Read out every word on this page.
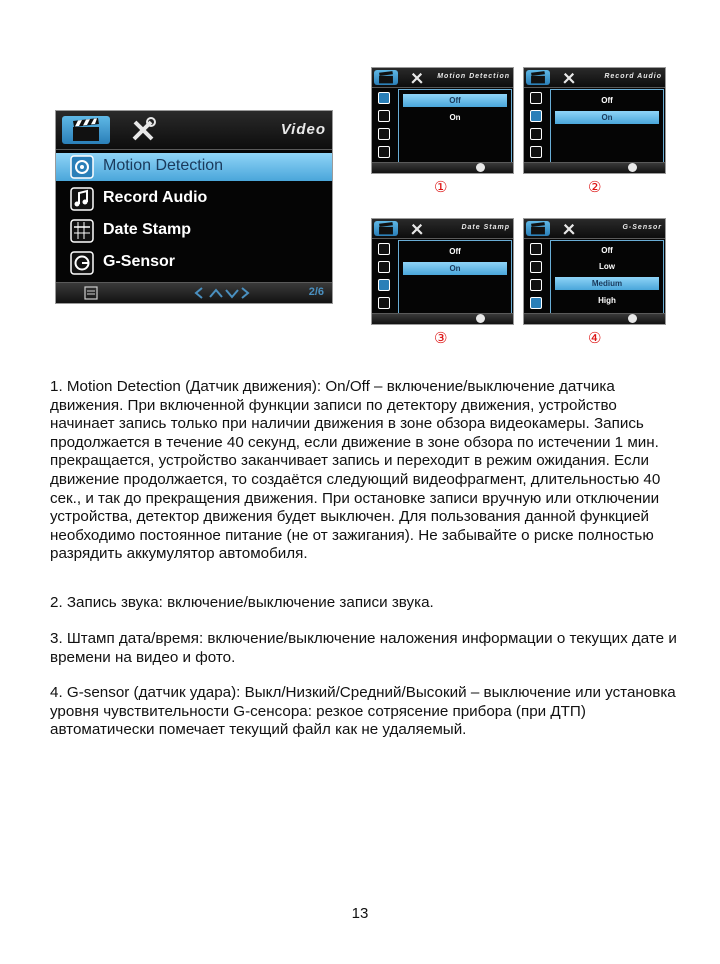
Video
Motion Detection
Record Audio
Date Stamp
G-Sensor
2/6
Motion Detection
Off
On
①
Record Audio
Off
On
②
Date Stamp
Off
On
③
G-Sensor
Off
Low
Medium
High
④

1. Motion Detection (Датчик движения): On/Off – включение/выключение датчика движения. При включенной функции записи по детектору движения, устройство начинает запись только при наличии движения в зоне обзора видеокамеры. Запись продолжается в течение 40 секунд, если движение в зоне обзора по истечении 1 мин. прекращается, устройство заканчивает запись и переходит в режим ожидания. Если движение продолжается, то создаётся следующий видеофрагмент, длительностью 40 сек., и так до прекращения движения. При остановке записи вручную или отключении устройства, детектор движения будет выключен. Для пользования данной функцией необходимо постоянное питание (не от зажигания). Не забывайте о риске полностью разрядить аккумулятор автомобиля.

2. Запись звука: включение/выключение записи звука.

3. Штамп дата/время: включение/выключение наложения информации о текущих дате и времени на видео и фото.

4. G-sensor (датчик удара): Выкл/Низкий/Средний/Высокий – выключение или установка уровня чувствительности G-сенсора: резкое сотрясение прибора (при ДТП) автоматически помечает текущий файл как не удаляемый.

13
